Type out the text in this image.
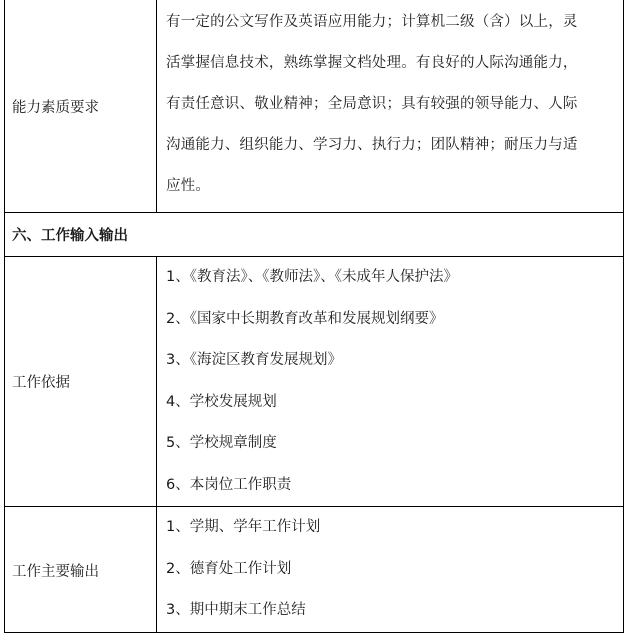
能力素质要求
有一定的公文写作及英语应用能力；计算机二级（含）以上，灵
活掌握信息技术，熟练掌握文档处理。有良好的人际沟通能力，
有责任意识、敬业精神；全局意识；具有较强的领导能力、人际
沟通能力、组织能力、学习力、执行力；团队精神；耐压力与适
应性。
六、工作输入输出
工作依据
1、《教育法》、《教师法》、《未成年人保护法》
2、《国家中长期教育改革和发展规划纲要》
3、《海淀区教育发展规划》
4、学校发展规划
5、学校规章制度
6、本岗位工作职责
工作主要输出
1、学期、学年工作计划
2、德育处工作计划
3、期中期末工作总结
